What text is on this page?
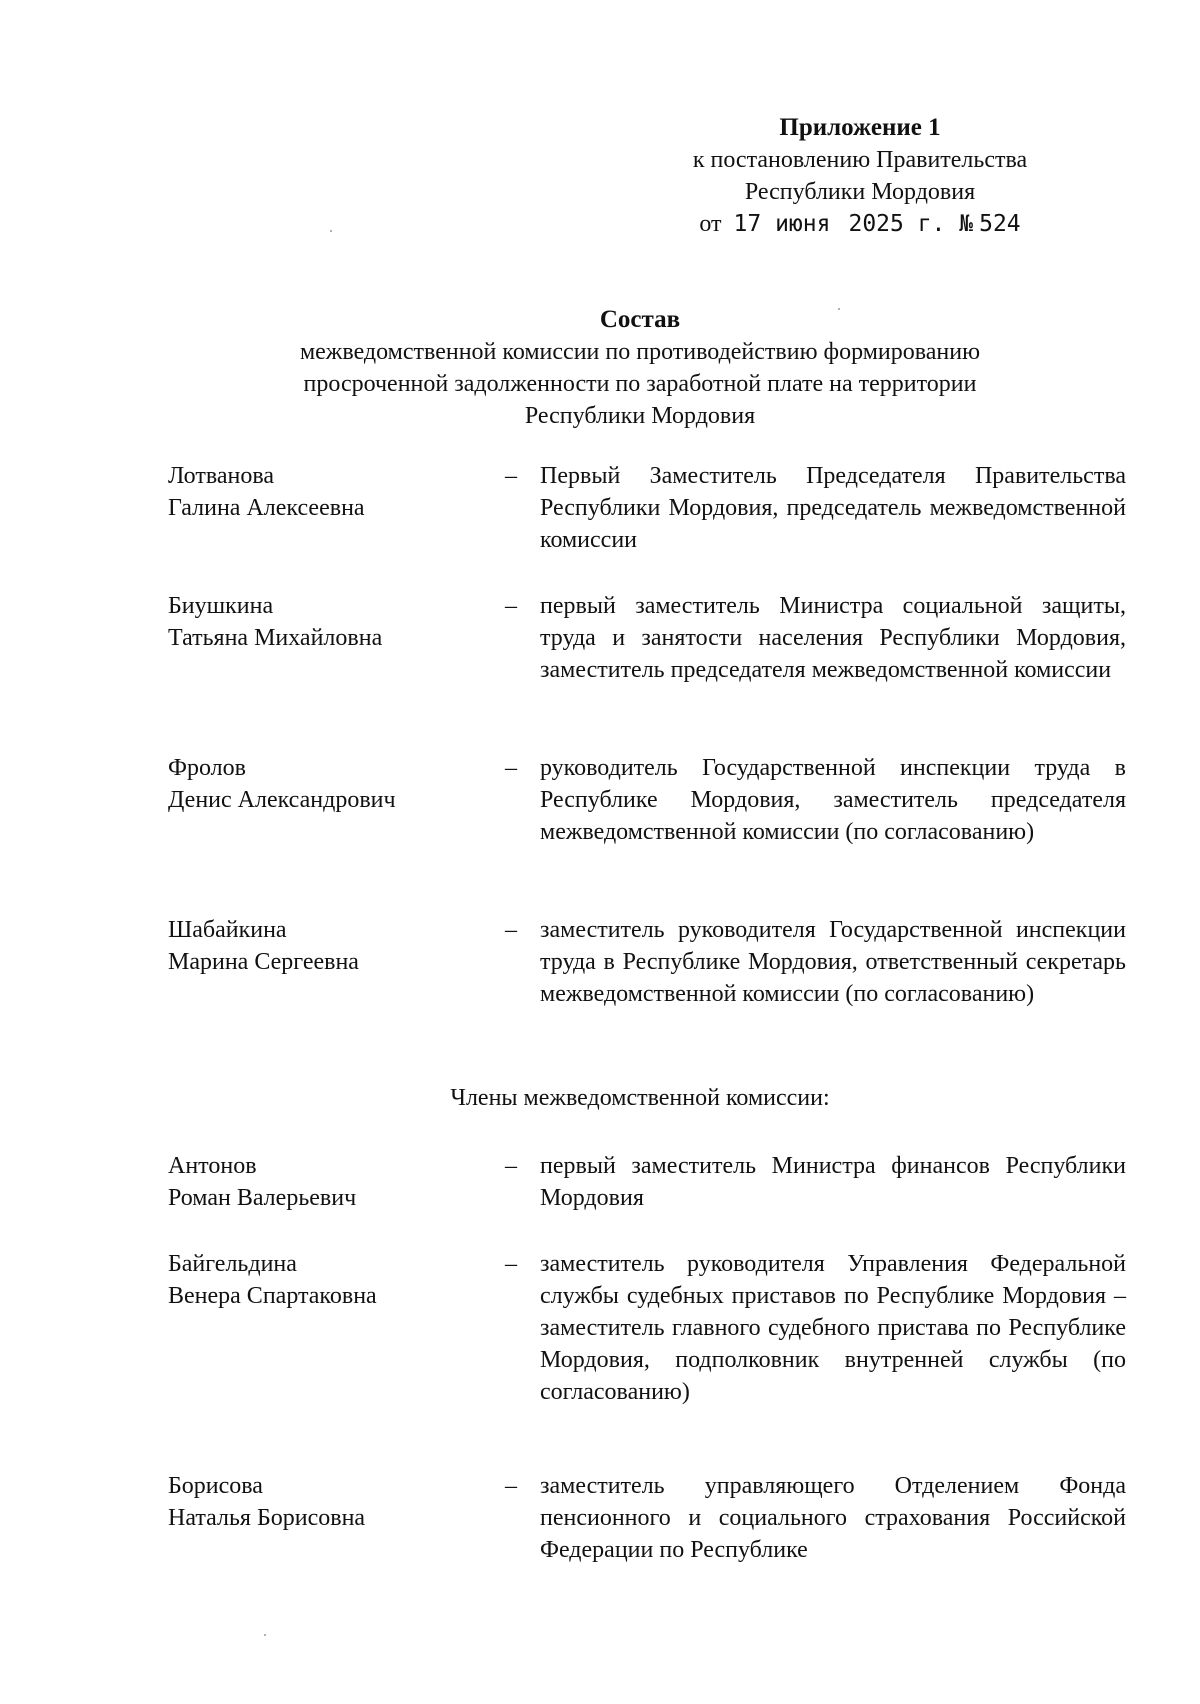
Приложение 1
к постановлению Правительства
Республики Мордовия
от 17 июня 2025 г. № 524
Состав
межведомственной комиссии по противодействию формированию
просроченной задолженности по заработной плате на территории
Республики Мордовия
Лотванова
Галина Алексеевна
– Первый Заместитель Председателя Правительства Республики Мордовия, председатель межведомственной комиссии
Биушкина
Татьяна Михайловна
– первый заместитель Министра социальной защиты, труда и занятости населения Республики Мордовия, заместитель председателя межведомственной комиссии
Фролов
Денис Александрович
– руководитель Государственной инспекции труда в Республике Мордовия, заместитель председателя межведомственной комиссии (по согласованию)
Шабайкина
Марина Сергеевна
– заместитель руководителя Государственной инспекции труда в Республике Мордовия, ответственный секретарь межведомственной комиссии (по согласованию)
Члены межведомственной комиссии:
Антонов
Роман Валерьевич
– первый заместитель Министра финансов Республики Мордовия
Байгельдина
Венера Спартаковна
– заместитель руководителя Управления Федеральной службы судебных приставов по Республике Мордовия – заместитель главного судебного пристава по Республике Мордовия, подполковник внутренней службы (по согласованию)
Борисова
Наталья Борисовна
– заместитель управляющего Отделением Фонда пенсионного и социального страхования Российской Федерации по Республике
